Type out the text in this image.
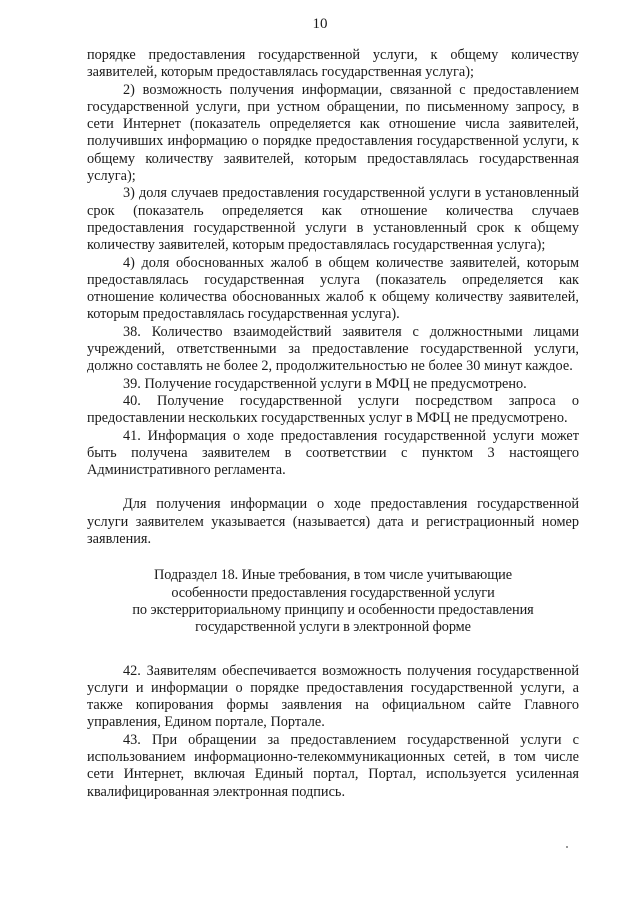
10

порядке предоставления государственной услуги, к общему количеству заявителей, которым предоставлялась государственная услуга);

2) возможность получения информации, связанной с предоставлением государственной услуги, при устном обращении, по письменному запросу, в сети Интернет (показатель определяется как отношение числа заявителей, получивших информацию о порядке предоставления государственной услуги, к общему количеству заявителей, которым предоставлялась государственная услуга);

3) доля случаев предоставления государственной услуги в установленный срок (показатель определяется как отношение количества случаев предоставления государственной услуги в установленный срок к общему количеству заявителей, которым предоставлялась государственная услуга);

4) доля обоснованных жалоб в общем количестве заявителей, которым предоставлялась государственная услуга (показатель определяется как отношение количества обоснованных жалоб к общему количеству заявителей, которым предоставлялась государственная услуга).

38. Количество взаимодействий заявителя с должностными лицами учреждений, ответственными за предоставление государственной услуги, должно составлять не более 2, продолжительностью не более 30 минут каждое.

39. Получение государственной услуги в МФЦ не предусмотрено.

40. Получение государственной услуги посредством запроса о предоставлении нескольких государственных услуг в МФЦ не предусмотрено.

41. Информация о ходе предоставления государственной услуги может быть получена заявителем в соответствии с пунктом 3 настоящего Административного регламента.

Для получения информации о ходе предоставления государственной услуги заявителем указывается (называется) дата и регистрационный номер заявления.

Подраздел 18. Иные требования, в том числе учитывающие
особенности предоставления государственной услуги
по экстерриториальному принципу и особенности предоставления
государственной услуги в электронной форме

42. Заявителям обеспечивается возможность получения государственной услуги и информации о порядке предоставления государственной услуги, а также копирования формы заявления на официальном сайте Главного управления, Едином портале, Портале.

43. При обращении за предоставлением государственной услуги с использованием информационно-телекоммуникационных сетей, в том числе сети Интернет, включая Единый портал, Портал, используется усиленная квалифицированная электронная подпись.
